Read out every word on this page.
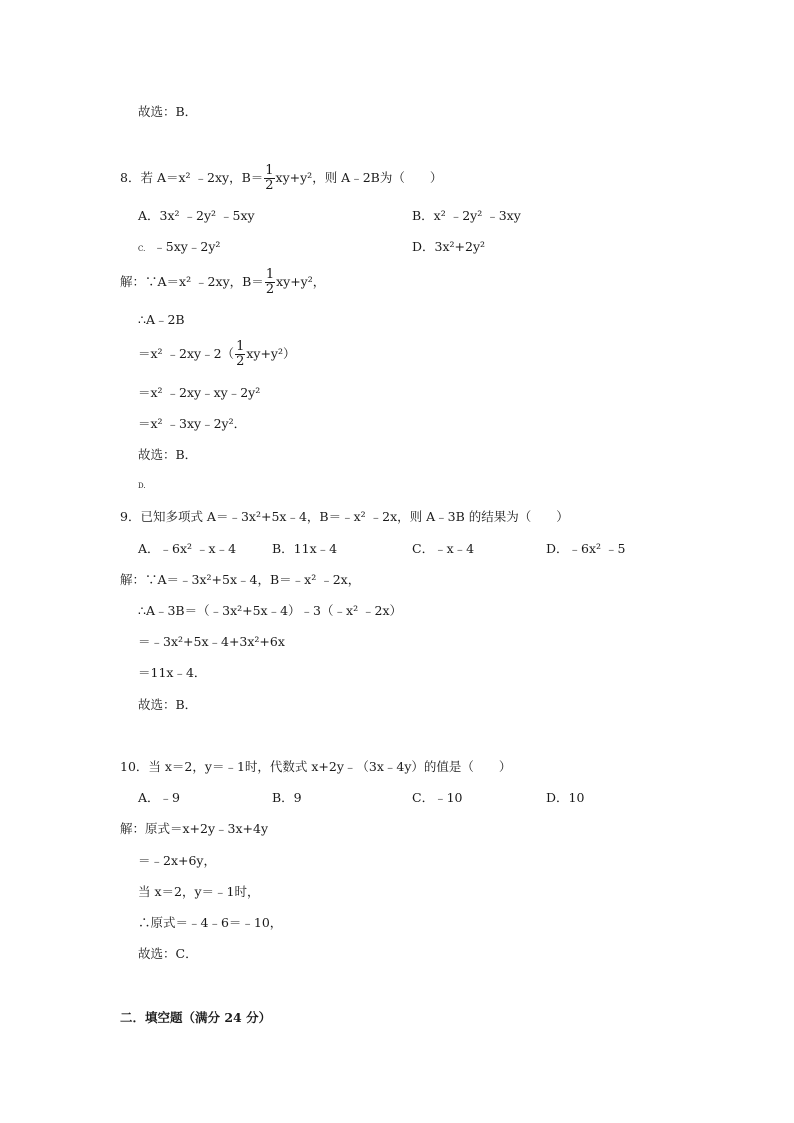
故选：B．
8．若 A＝x² ﹣2xy，$B= \frac{1}{2} xy+y^2$，则 A﹣2B为（　　）
A．3x² ﹣2y² ﹣5xy	B．x² ﹣2y² ﹣3xy
C. ﹣5xy﹣2y²	D．3x²+2y²
解：∵A＝x² ﹣2xy，$B= \frac{1}{2} xy+y^2$，
∴A﹣2B
＝x² ﹣2xy﹣2（ $\frac{1}{2} xy+y^2$）
＝x² ﹣2xy﹣xy﹣2y²
＝x² ﹣3xy﹣2y²．
故选：B．
D.
9．已知多项式 A＝﹣3x²+5x﹣4，B＝﹣x² ﹣2x，则 A﹣3B 的结果为（　　）
A．﹣6x² ﹣x﹣4	B．11x﹣4	C．﹣x﹣4	D．﹣6x² ﹣5
解：∵A＝﹣3x²+5x﹣4，B＝﹣x² ﹣2x，
∴A﹣3B＝（﹣3x²+5x﹣4）﹣3（﹣x² ﹣2x）
＝﹣3x²+5x﹣4+3x²+6x
＝11x﹣4．
故选：B．
10．当 x＝2，y＝﹣1时，代数式 x+2y﹣（3x﹣4y）的值是（　　）
A．﹣9	B．9	C．﹣10	D．10
解：原式＝x+2y﹣3x+4y
＝﹣2x+6y，
当 x＝2，y＝﹣1时，
∴原式＝﹣4﹣6＝﹣10，
故选：C．
二．填空题（满分 24 分）
